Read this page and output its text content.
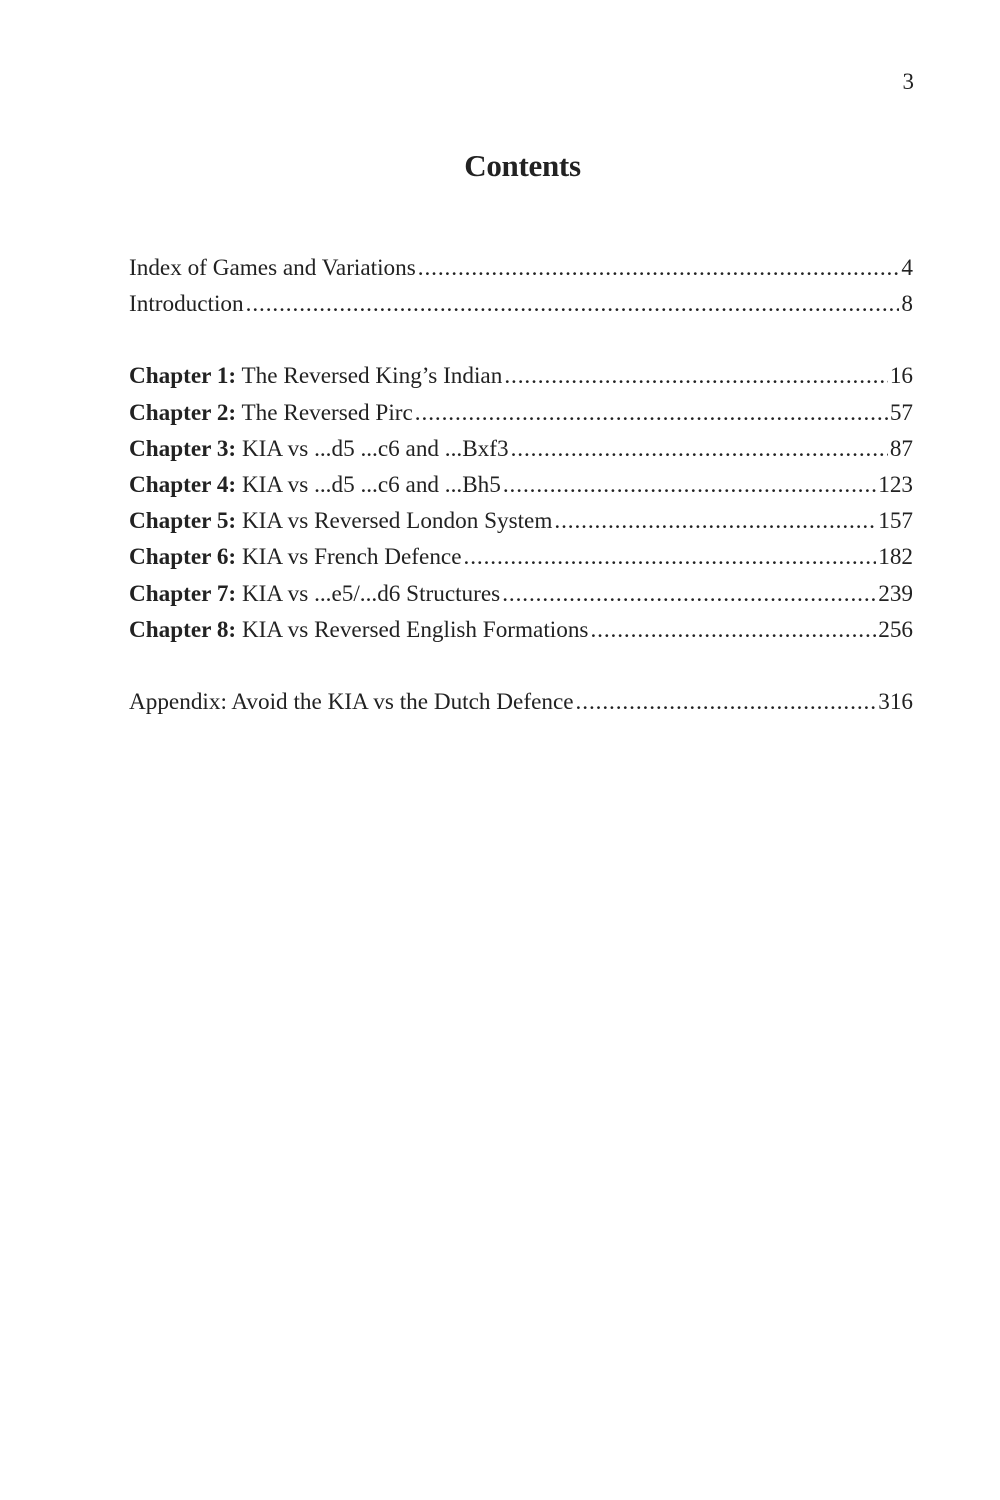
3
Contents
Index of Games and Variations .....	4
Introduction .....	8
Chapter 1: The Reversed King’s Indian .....	16
Chapter 2: The Reversed Pirc .....	57
Chapter 3: KIA vs ...d5 ...c6 and ...Bxf3 .....	87
Chapter 4: KIA vs ...d5 ...c6 and ...Bh5 .....	123
Chapter 5: KIA vs Reversed London System .....	157
Chapter 6: KIA vs French Defence .....	182
Chapter 7: KIA vs ...e5/...d6 Structures .....	239
Chapter 8: KIA vs Reversed English Formations .....	256
Appendix: Avoid the KIA vs the Dutch Defence .....	316
